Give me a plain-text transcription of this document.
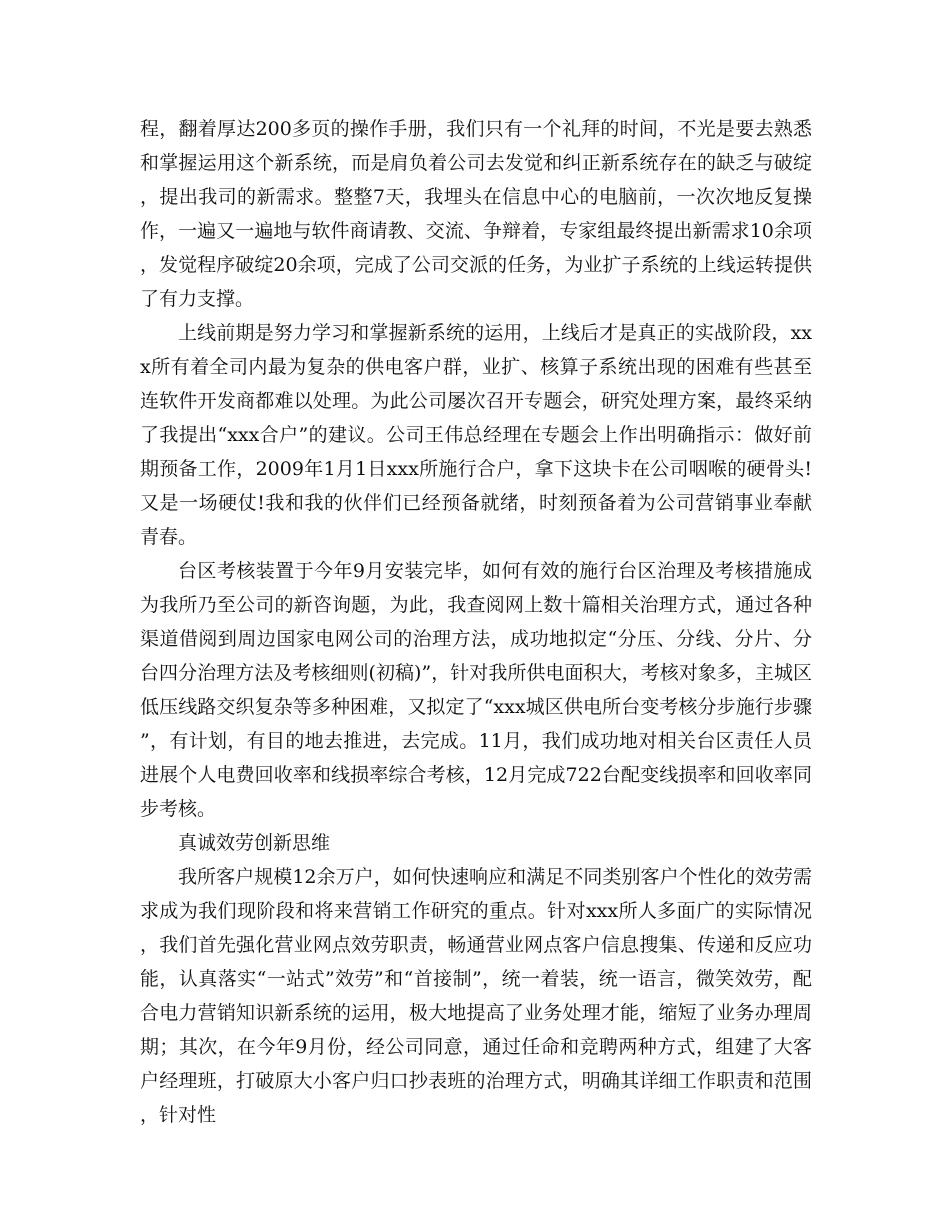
程，翻着厚达200多页的操作手册，我们只有一个礼拜的时间，不光是要去熟悉和掌握运用这个新系统，而是肩负着公司去发觉和纠正新系统存在的缺乏与破绽，提出我司的新需求。整整7天，我埋头在信息中心的电脑前，一次次地反复操作，一遍又一遍地与软件商请教、交流、争辩着，专家组最终提出新需求10余项，发觉程序破绽20余项，完成了公司交派的任务，为业扩子系统的上线运转提供了有力支撑。

上线前期是努力学习和掌握新系统的运用，上线后才是真正的实战阶段，xxx所有着全司内最为复杂的供电客户群，业扩、核算子系统出现的困难有些甚至连软件开发商都难以处理。为此公司屡次召开专题会，研究处理方案，最终采纳了我提出“xxx合户”的建议。公司王伟总经理在专题会上作出明确指示：做好前期预备工作，2009年1月1日xxx所施行合户，拿下这块卡在公司咽喉的硬骨头!又是一场硬仗!我和我的伙伴们已经预备就绪，时刻预备着为公司营销事业奉献青春。

台区考核装置于今年9月安装完毕，如何有效的施行台区治理及考核措施成为我所乃至公司的新咨询题，为此，我查阅网上数十篇相关治理方式，通过各种渠道借阅到周边国家电网公司的治理方法，成功地拟定“分压、分线、分片、分台四分治理方法及考核细则(初稿)”，针对我所供电面积大，考核对象多，主城区低压线路交织复杂等多种困难，又拟定了“xxx城区供电所台变考核分步施行步骤”，有计划，有目的地去推进，去完成。11月，我们成功地对相关台区责任人员进展个人电费回收率和线损率综合考核，12月完成722台配变线损率和回收率同步考核。

真诚效劳创新思维

我所客户规模12余万户，如何快速响应和满足不同类别客户个性化的效劳需求成为我们现阶段和将来营销工作研究的重点。针对xxx所人多面广的实际情况，我们首先强化营业网点效劳职责，畅通营业网点客户信息搜集、传递和反应功能，认真落实“一站式”效劳”和“首接制”，统一着装，统一语言，微笑效劳，配合电力营销知识新系统的运用，极大地提高了业务处理才能，缩短了业务办理周期；其次，在今年9月份，经公司同意，通过任命和竞聘两种方式，组建了大客户经理班，打破原大小客户归口抄表班的治理方式，明确其详细工作职责和范围，针对性
